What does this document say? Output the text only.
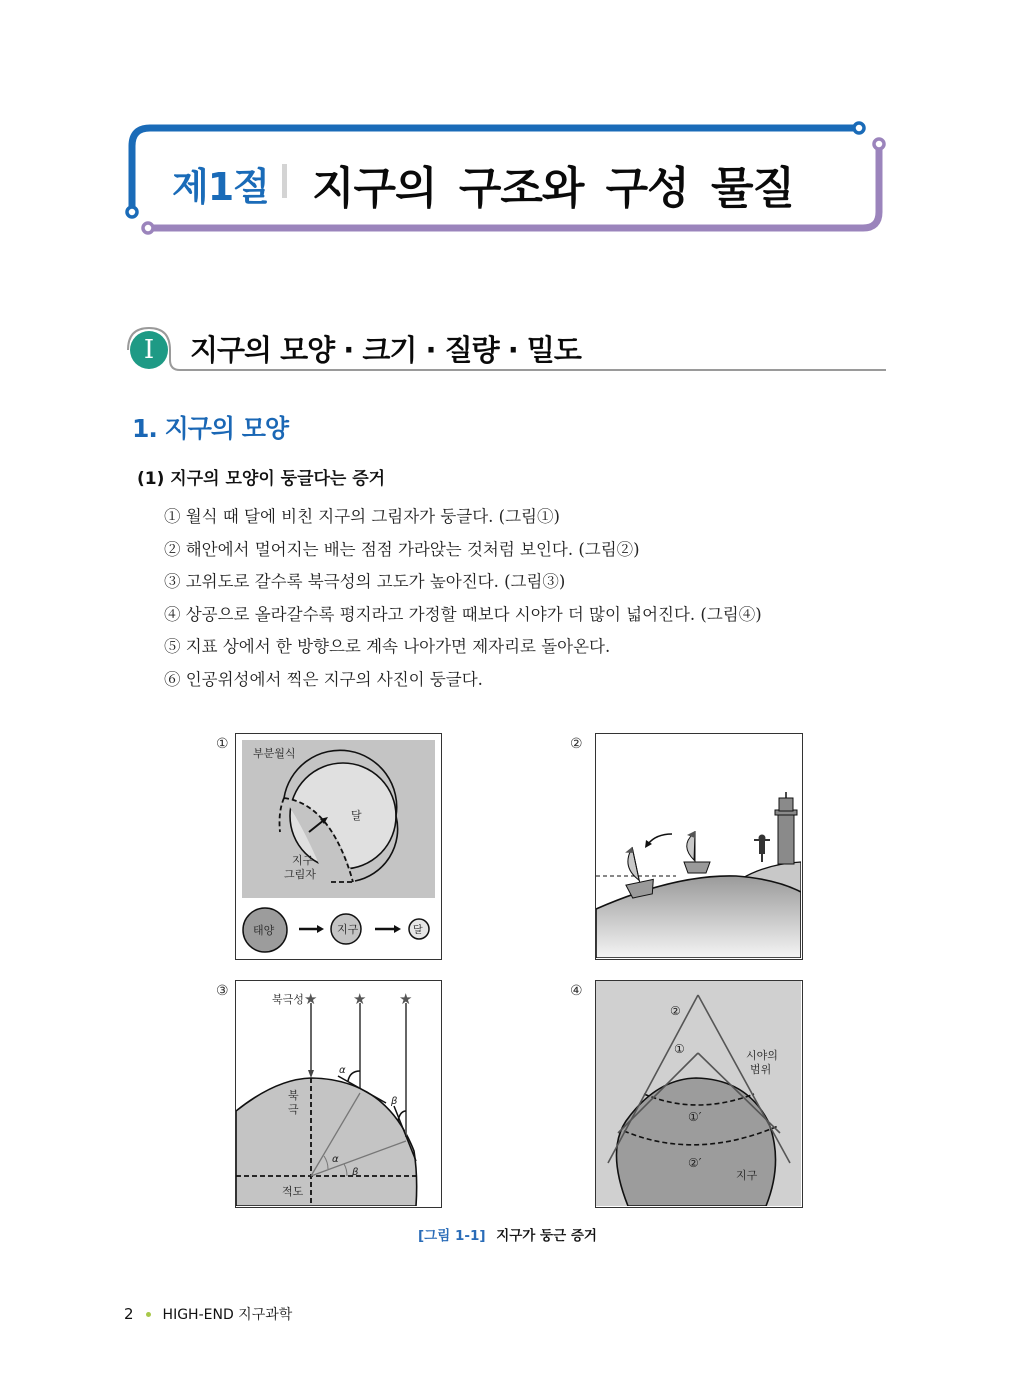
제1절 지구의 구조와 구성 물질
I	지구의 모양 · 크기 · 질량 · 밀도
1. 지구의 모양
(1) 지구의 모양이 둥글다는 증거
① 월식 때 달에 비친 지구의 그림자가 둥글다. (그림①)
② 해안에서 멀어지는 배는 점점 가라앉는 것처럼 보인다. (그림②)
③ 고위도로 갈수록 북극성의 고도가 높아진다. (그림③)
④ 상공으로 올라갈수록 평지라고 가정할 때보다 시야가 더 많이 넓어진다. (그림④)
⑤ 지표 상에서 한 방향으로 계속 나아가면 제자리로 돌아온다.
⑥ 인공위성에서 찍은 지구의 사진이 둥글다.
①
부분월식
달
지구
그림자
태양	지구	달
②
③	★ ★ ★
북극성
α
β
α
β
북
극
적도
④
②
①	시야의
범위
①′
②′
지구
[그림 1-1] 지구가 둥근 증거
2 HIGH-END 지구과학
